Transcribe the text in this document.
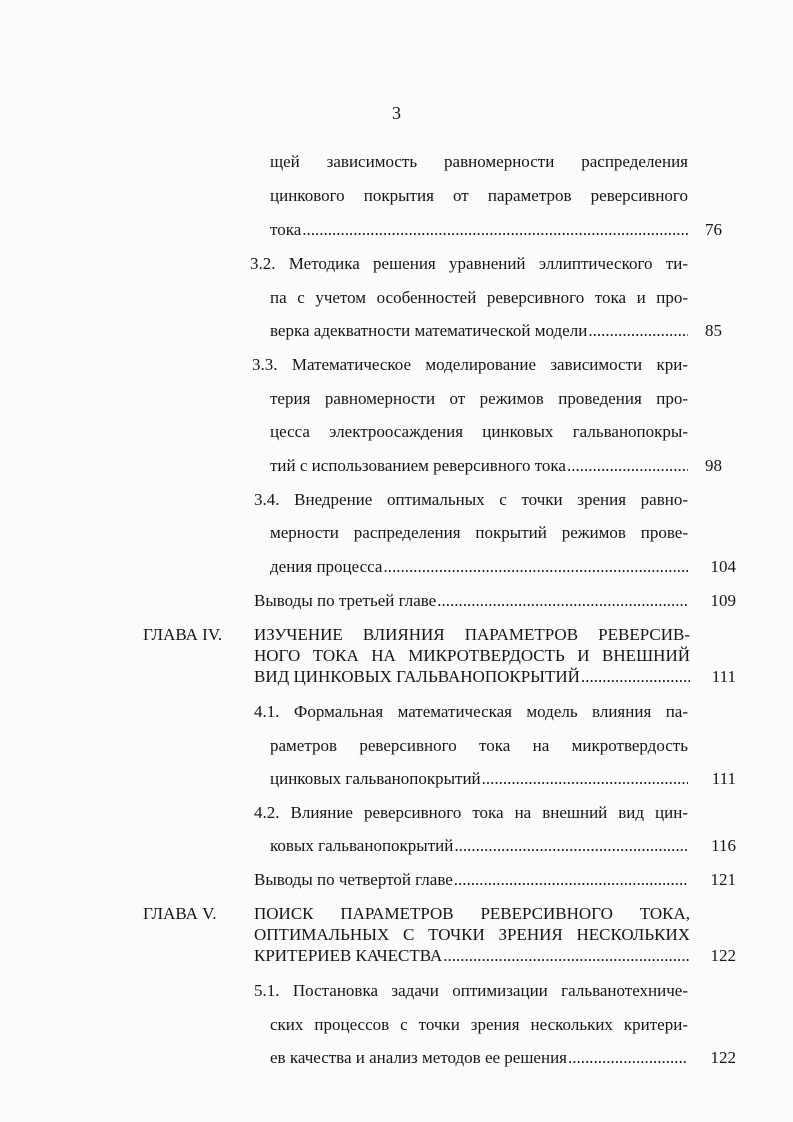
3
щей зависимость равномерности распределения
цинкового покрытия от параметров реверсивного
тока .....	76
3.2. Методика решения уравнений эллиптического ти-
па с учетом особенностей реверсивного тока и про-
верка адекватности математической модели .....	85
3.3. Математическое моделирование зависимости кри-
терия равномерности от режимов проведения про-
цесса электроосаждения цинковых гальванопокры-
тий с использованием реверсивного тока .....	98
3.4. Внедрение оптимальных с точки зрения равно-
мерности распределения покрытий режимов прове-
дения процесса .....	104
Выводы по третьей главе .....	109
ГЛАВА IV. ИЗУЧЕНИЕ ВЛИЯНИЯ ПАРАМЕТРОВ РЕВЕРСИВ-
НОГО ТОКА НА МИКРОТВЕРДОСТЬ И ВНЕШНИЙ
ВИД ЦИНКОВЫХ ГАЛЬВАНОПОКРЫТИЙ .....	111
4.1. Формальная математическая модель влияния па-
раметров реверсивного тока на микротвердость
цинковых гальванопокрытий .....	111
4.2. Влияние реверсивного тока на внешний вид цин-
ковых гальванопокрытий .....	116
Выводы по четвертой главе .....	121
ГЛАВА V. ПОИСК ПАРАМЕТРОВ РЕВЕРСИВНОГО ТОКА,
ОПТИМАЛЬНЫХ С ТОЧКИ ЗРЕНИЯ НЕСКОЛЬКИХ
КРИТЕРИЕВ КАЧЕСТВА .....	122
5.1. Постановка задачи оптимизации гальванотехниче-
ских процессов с точки зрения нескольких критери-
ев качества и анализ методов ее решения .....	122
